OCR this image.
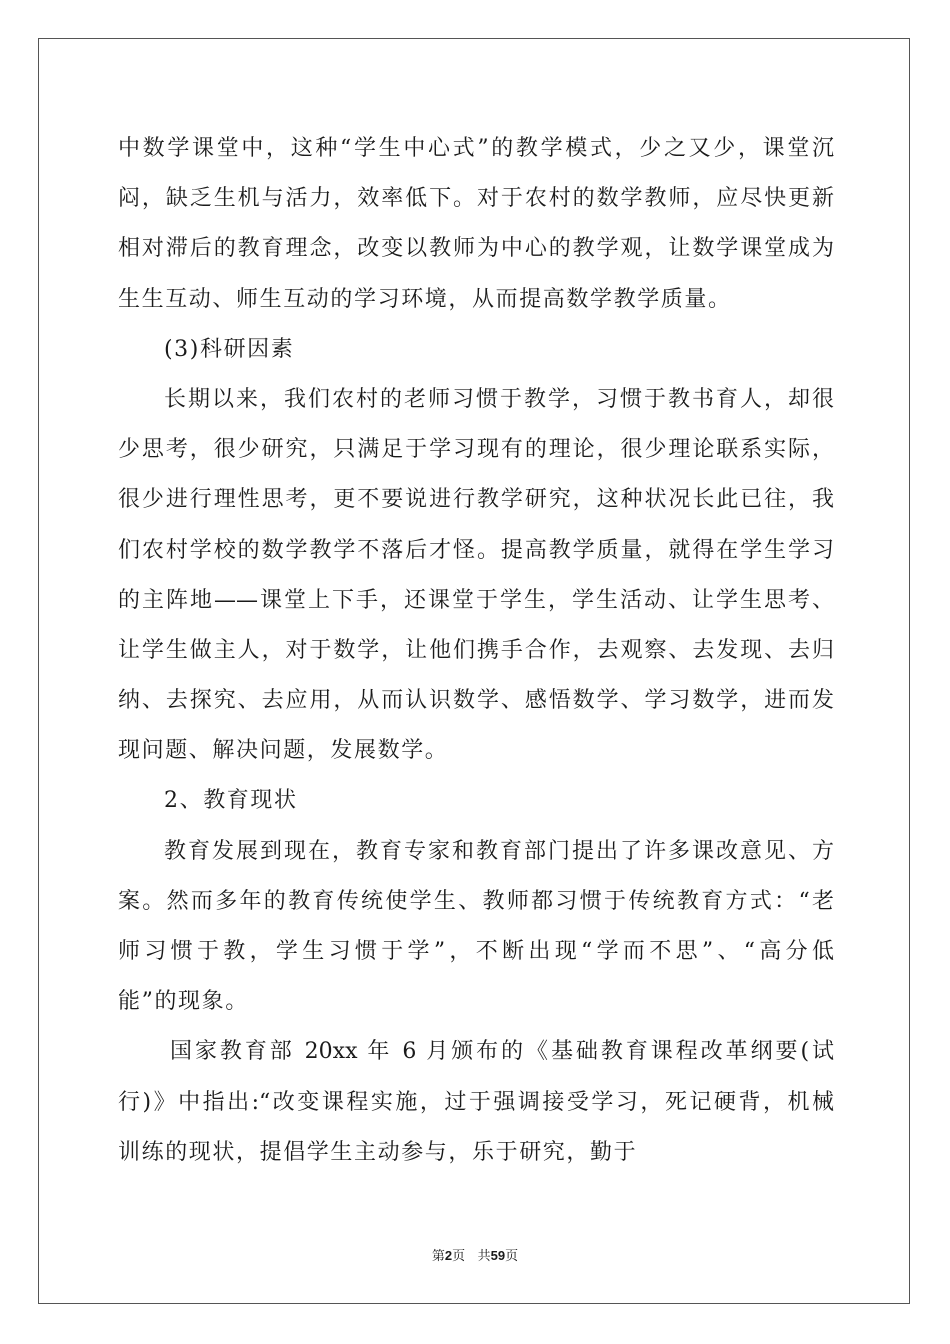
中数学课堂中，这种“学生中心式”的教学模式，少之又少，课堂沉
闷，缺乏生机与活力，效率低下。对于农村的数学教师，应尽快更新
相对滞后的教育理念，改变以教师为中心的教学观，让数学课堂成为
生生互动、师生互动的学习环境，从而提高数学教学质量。
(3)科研因素
长期以来，我们农村的老师习惯于教学，习惯于教书育人，却很
少思考，很少研究，只满足于学习现有的理论，很少理论联系实际，
很少进行理性思考，更不要说进行教学研究，这种状况长此已往，我
们农村学校的数学教学不落后才怪。提高教学质量，就得在学生学习
的主阵地——课堂上下手，还课堂于学生，学生活动、让学生思考、
让学生做主人，对于数学，让他们携手合作，去观察、去发现、去归
纳、去探究、去应用，从而认识数学、感悟数学、学习数学，进而发
现问题、解决问题，发展数学。
2、教育现状
教育发展到现在，教育专家和教育部门提出了许多课改意见、方
案。然而多年的教育传统使学生、教师都习惯于传统教育方式：“老
师习惯于教，学生习惯于学”，不断出现“学而不思”、“高分低
能”的现象。
国家教育部 20xx 年 6 月颁布的《基础教育课程改革纲要(试
行)》中指出:“改变课程实施，过于强调接受学习，死记硬背，机械
训练的现状，提倡学生主动参与，乐于研究，勤于
第2页 共59页
